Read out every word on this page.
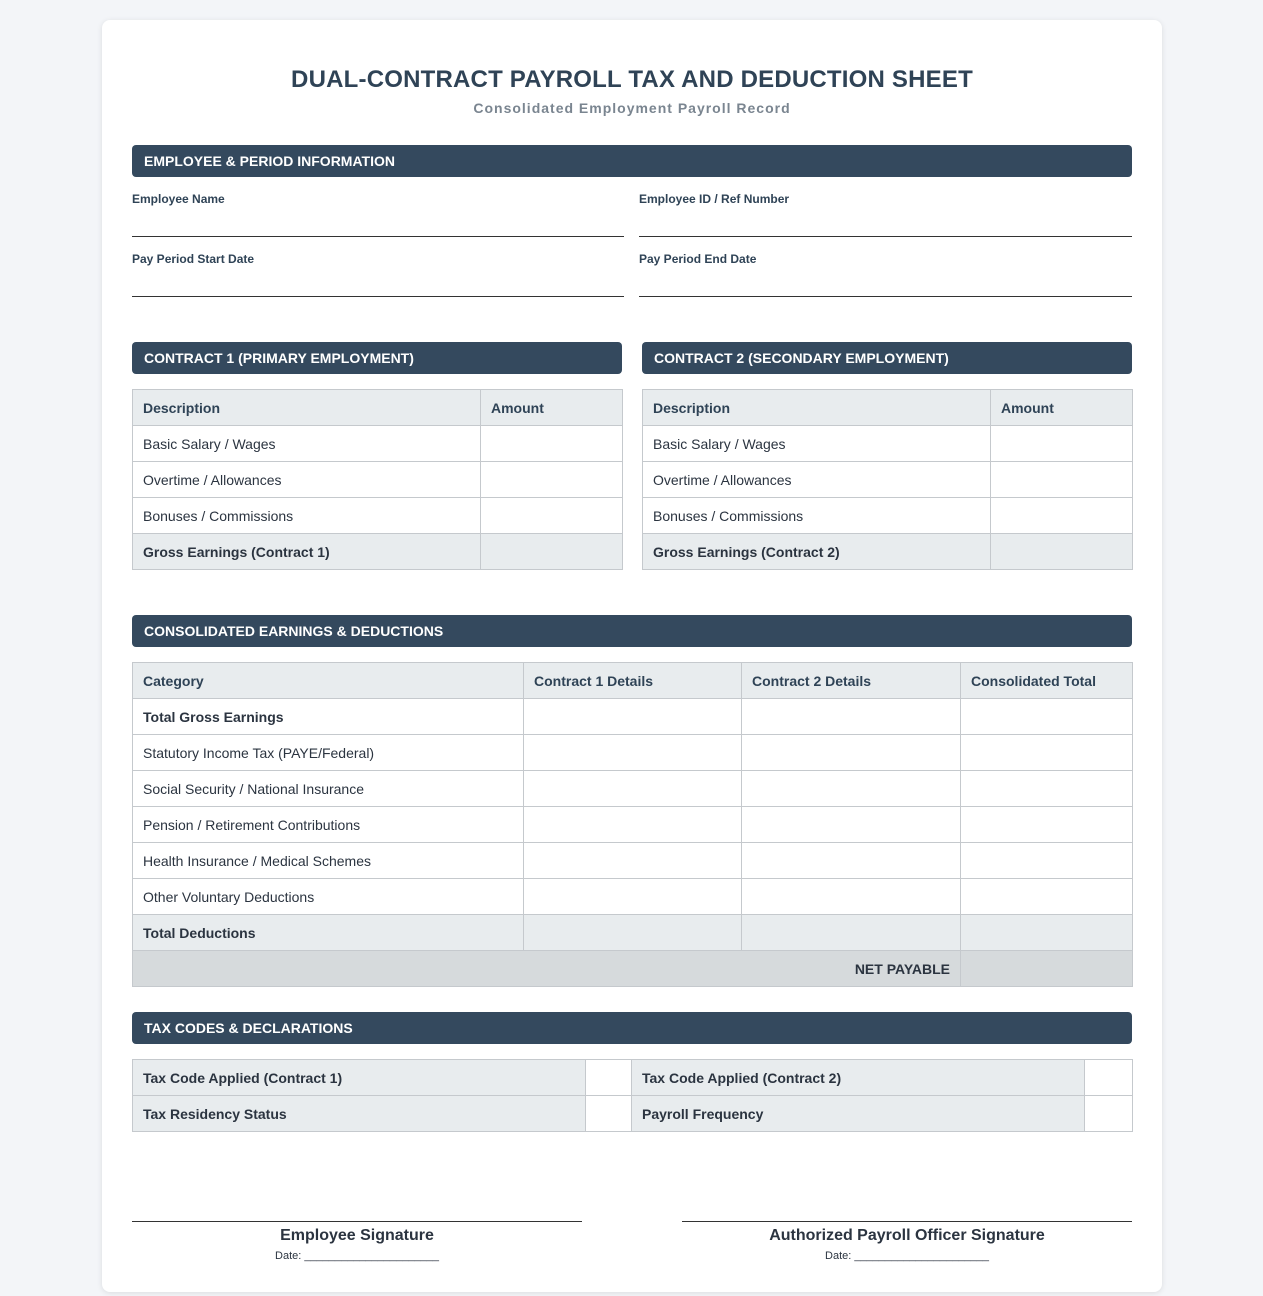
DUAL-CONTRACT PAYROLL TAX AND DEDUCTION SHEET
Consolidated Employment Payroll Record
EMPLOYEE & PERIOD INFORMATION
Employee Name	Employee ID / Ref Number
Pay Period Start Date	Pay Period End Date
CONTRACT 1 (PRIMARY EMPLOYMENT)
Description	Amount
Basic Salary / Wages	
Overtime / Allowances	
Bonuses / Commissions	
Gross Earnings (Contract 1)	
CONTRACT 2 (SECONDARY EMPLOYMENT)
Description	Amount
Basic Salary / Wages	
Overtime / Allowances	
Bonuses / Commissions	
Gross Earnings (Contract 2)	
CONSOLIDATED EARNINGS & DEDUCTIONS
Category	Contract 1 Details	Contract 2 Details	Consolidated Total
Total Gross Earnings			
Statutory Income Tax (PAYE/Federal)			
Social Security / National Insurance			
Pension / Retirement Contributions			
Health Insurance / Medical Schemes			
Other Voluntary Deductions			
Total Deductions			
NET PAYABLE			
TAX CODES & DECLARATIONS
Tax Code Applied (Contract 1)		Tax Code Applied (Contract 2)	
Tax Residency Status		Payroll Frequency	
Employee Signature
Date: ______________________
Authorized Payroll Officer Signature
Date: ______________________
